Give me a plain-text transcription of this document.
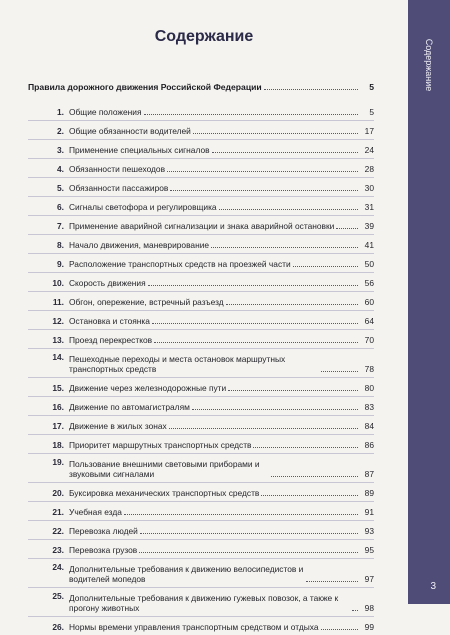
Содержание
3
Содержание
Правила дорожного движения Российской Федерации	5
1. Общие положения	5
2. Общие обязанности водителей	17
3. Применение специальных сигналов	24
4. Обязанности пешеходов	28
5. Обязанности пассажиров	30
6. Сигналы светофора и регулировщика	31
7. Применение аварийной сигнализации и знака аварийной остановки	39
8. Начало движения, маневрирование	41
9. Расположение транспортных средств на проезжей части	50
10. Скорость движения	56
11. Обгон, опережение, встречный разъезд	60
12. Остановка и стоянка	64
13. Проезд перекрестков	70
14. Пешеходные переходы и места остановок маршрутных транспортных средств	78
15. Движение через железнодорожные пути	80
16. Движение по автомагистралям	83
17. Движение в жилых зонах	84
18. Приоритет маршрутных транспортных средств	86
19. Пользование внешними световыми приборами и звуковыми сигналами	87
20. Буксировка механических транспортных средств	89
21. Учебная езда	91
22. Перевозка людей	93
23. Перевозка грузов	95
24. Дополнительные требования к движению велосипедистов и водителей мопедов	97
25. Дополнительные требования к движению гужевых повозок, а также к прогону животных	98
26. Нормы времени управления транспортным средством и отдыха	99
